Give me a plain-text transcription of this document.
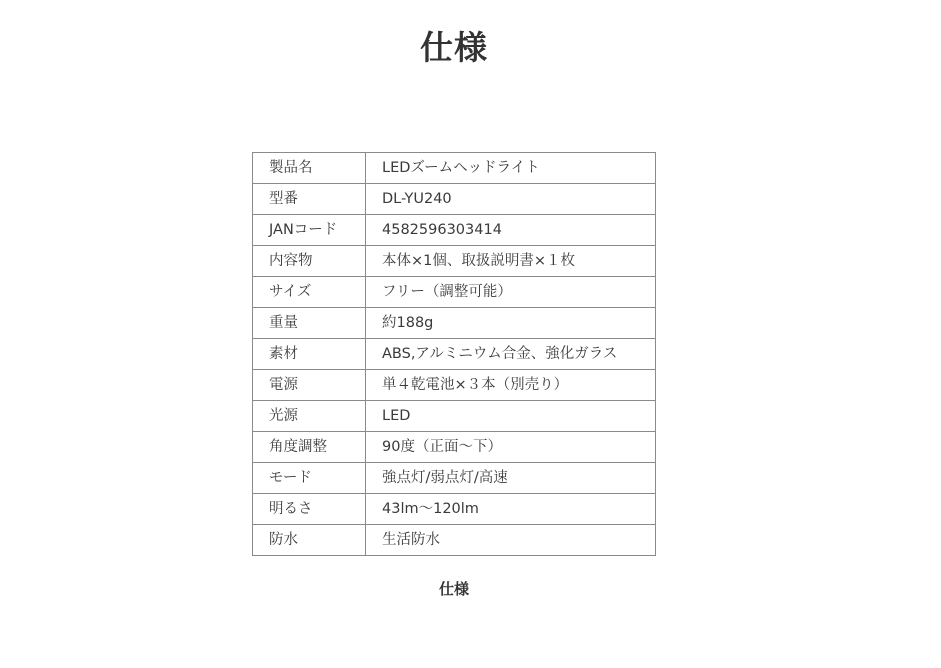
仕様
製品名	LEDズームヘッドライト
型番	DL-YU240
JANコード	4582596303414
内容物	本体×1個、取扱説明書×１枚
サイズ	フリー（調整可能）
重量	約188g
素材	ABS,アルミニウム合金、強化ガラス
電源	単４乾電池×３本（別売り）
光源	LED
角度調整	90度（正面～下）
モード	強点灯/弱点灯/高速
明るさ	43lm～120lm
防水	生活防水
仕様
